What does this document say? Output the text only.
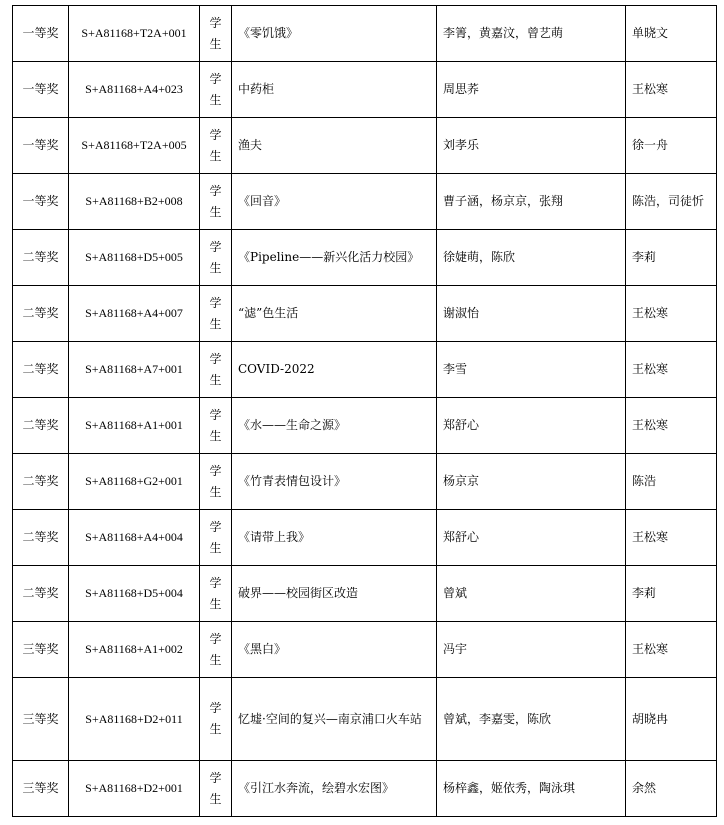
一等奖	S+A81168+T2A+001	学生	《零饥饿》	李箐，黄嘉汶，曾艺萌	单晓文
一等奖	S+A81168+A4+023	学生	中药柜	周思荞	王松寒
一等奖	S+A81168+T2A+005	学生	渔夫	刘孝乐	徐一舟
一等奖	S+A81168+B2+008	学生	《回音》	曹子涵，杨京京，张翔	陈浩，司徒忻
二等奖	S+A81168+D5+005	学生	《Pipeline——新兴化活力校园》	徐婕萌，陈欣	李莉
二等奖	S+A81168+A4+007	学生	“滤”色生活	谢淑怡	王松寒
二等奖	S+A81168+A7+001	学生	COVID-2022	李雪	王松寒
二等奖	S+A81168+A1+001	学生	《水——生命之源》	郑舒心	王松寒
二等奖	S+A81168+G2+001	学生	《竹青表情包设计》	杨京京	陈浩
二等奖	S+A81168+A4+004	学生	《请带上我》	郑舒心	王松寒
二等奖	S+A81168+D5+004	学生	破界——校园街区改造	曾斌	李莉
三等奖	S+A81168+A1+002	学生	《黑白》	冯宇	王松寒
三等奖	S+A81168+D2+011	学生	忆墟·空间的复兴—南京浦口火车站	曾斌，李嘉雯，陈欣	胡晓冉
三等奖	S+A81168+D2+001	学生	《引江水奔流，绘碧水宏图》	杨梓鑫，姬依秀，陶泳琪	余然
